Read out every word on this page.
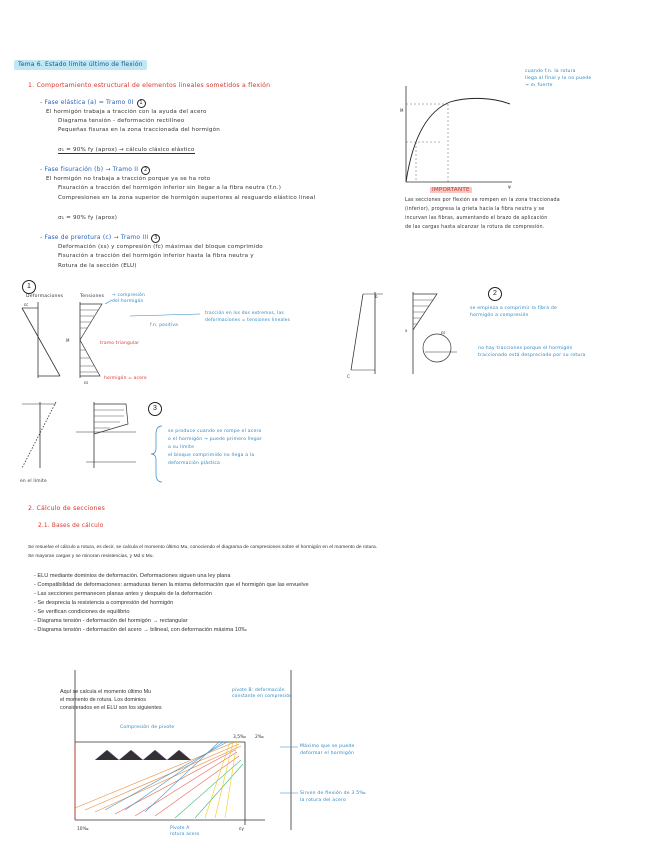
Tema 6. Estado límite último de flexión
1. Comportamiento estructural de elementos lineales sometidos a flexión
- Fase elástica (a) = Tramo 0I 1
El hormigón trabaja a tracción con la ayuda del acero
Diagrama tensión - deformación rectilíneo
Pequeñas fisuras en la zona traccionada del hormigón
σ₁ = 90% fy (aprox) → cálculo clásico elástico
- Fase fisuración (b) → Tramo II 2
El hormigón no trabaja a tracción porque ya se ha roto
Fisuración a tracción del hormigón inferior sin llegar a la fibra neutra (f.n.)
Compresiones en la zona superior de hormigón superiores al resguardo elástico lineal
σ₁ = 90% fy (aprox)
- Fase de prerotura (c) → Tramo III 3
Deformación (εs) y compresión (fc) máximas del bloque comprimido
Fisuración a tracción del hormigón inferior hasta la fibra neutra y
Rotura de la sección (ELU)
M
ψ
cuando f.n. la rotura
llega al final y lo no puede
→ σ₁ fuerte
IMPORTANTE
Las secciones por flexión se rompen en la zona traccionada
(inferior), progresa la grieta hacia la fibra neutra y se
incurvan las fibras, aumentando el brazo de aplicación
de las cargas hasta alcanzar la rotura de compresión.
1
Deformaciones	Tensiones
εs
εc
M
→ compresión
del hormigón
tracción en los dos extremos, las
deformaciones = tensiones lineales
f.n. positiva
tramo triangular
hormigón = acero
2
C
b
x	εs
se empieza a comprimir la fibra de
hormigón a compresión
no hay tracciones porque el hormigón
traccionado está despreciado por su rotura
3
en el límite
se produce cuando se rompe el acero
o el hormigón → puede primero llegar
a su límite
el bloque comprimido no llega a la
deformación plástica
2. Cálculo de secciones
2.1. Bases de cálculo
Se resuelve el cálculo a rotura, es decir, se calcula el momento último Mu, conociendo el diagrama de compresiones sobre el hormigón en el momento de rotura.
Se mayoran cargas y se minoran resistencias, y Md ≤ Mu.
- ELU mediante dominios de deformación. Deformaciones siguen una ley plana
- Compatibilidad de deformaciones: armaduras tienen la misma deformación que el hormigón que las envuelve
- Las secciones permanecen planas antes y después de la deformación
- Se desprecia la resistencia a compresión del hormigón
- Se verifican condiciones de equilibrio
- Diagrama tensión - deformación del hormigón → rectangular
- Diagrama tensión - deformación del acero → bilineal, con deformación máxima 10‰
Aquí se calcula el momento último Mu
el momento de rotura. Los dominios
considerados en el ELU son los siguientes
Compresión de pivote
3,5‰ 2‰
10‰	εy
pivote B: deformación
constante en compresión
Máximo que se puede
deformar el hormigón
Sirven de flexión de 3.5‰
la rotura del acero
Pivote A
rotura acero
